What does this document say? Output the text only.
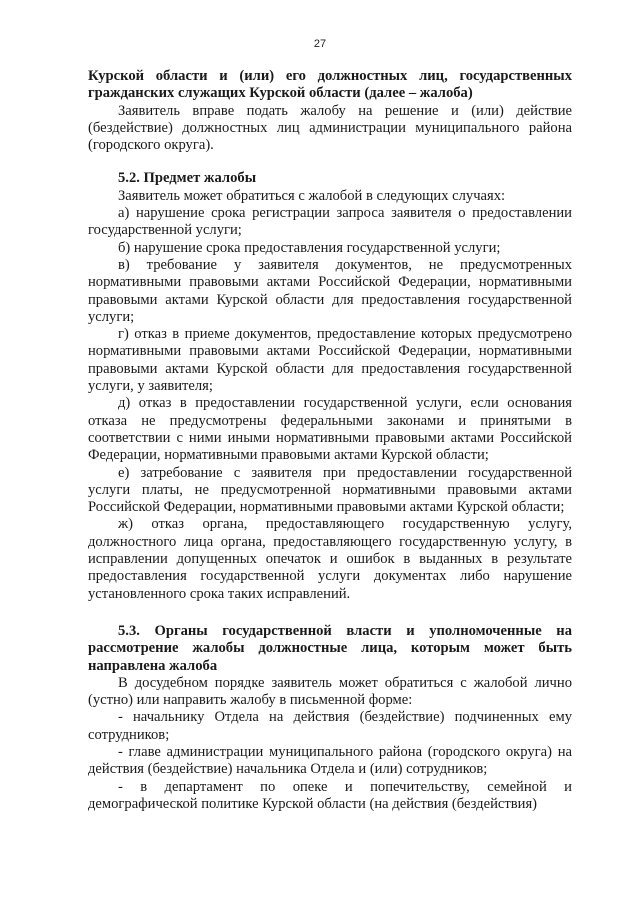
27

Курской области и (или) его должностных лиц, государственных гражданских служащих Курской области (далее – жалоба)

Заявитель вправе подать жалобу на решение и (или) действие (бездействие) должностных лиц администрации муниципального района (городского округа).

5.2. Предмет жалобы

Заявитель может обратиться с жалобой в следующих случаях:

а) нарушение срока регистрации запроса заявителя о предоставлении государственной услуги;

б) нарушение срока предоставления государственной услуги;

в) требование у заявителя документов, не предусмотренных нормативными правовыми актами Российской Федерации, нормативными правовыми актами Курской области для предоставления государственной услуги;

г) отказ в приеме документов, предоставление которых предусмотрено нормативными правовыми актами Российской Федерации, нормативными правовыми актами Курской области для предоставления государственной услуги, у заявителя;

д) отказ в предоставлении государственной услуги, если основания отказа не предусмотрены федеральными законами и принятыми в соответствии с ними иными нормативными правовыми актами Российской Федерации, нормативными правовыми актами Курской области;

е) затребование с заявителя при предоставлении государственной услуги платы, не предусмотренной нормативными правовыми актами Российской Федерации, нормативными правовыми актами Курской области;

ж) отказ органа, предоставляющего государственную услугу, должностного лица органа, предоставляющего государственную услугу, в исправлении допущенных опечаток и ошибок в выданных в результате предоставления государственной услуги документах либо нарушение установленного срока таких исправлений.

5.3. Органы государственной власти и уполномоченные на рассмотрение жалобы должностные лица, которым может быть направлена жалоба

В досудебном порядке заявитель может обратиться с жалобой лично (устно) или направить жалобу в письменной форме:

- начальнику Отдела на действия (бездействие) подчиненных ему сотрудников;

- главе администрации муниципального района (городского округа) на действия (бездействие) начальника Отдела и (или) сотрудников;

- в департамент по опеке и попечительству, семейной и демографической политике Курской области (на действия (бездействия)
